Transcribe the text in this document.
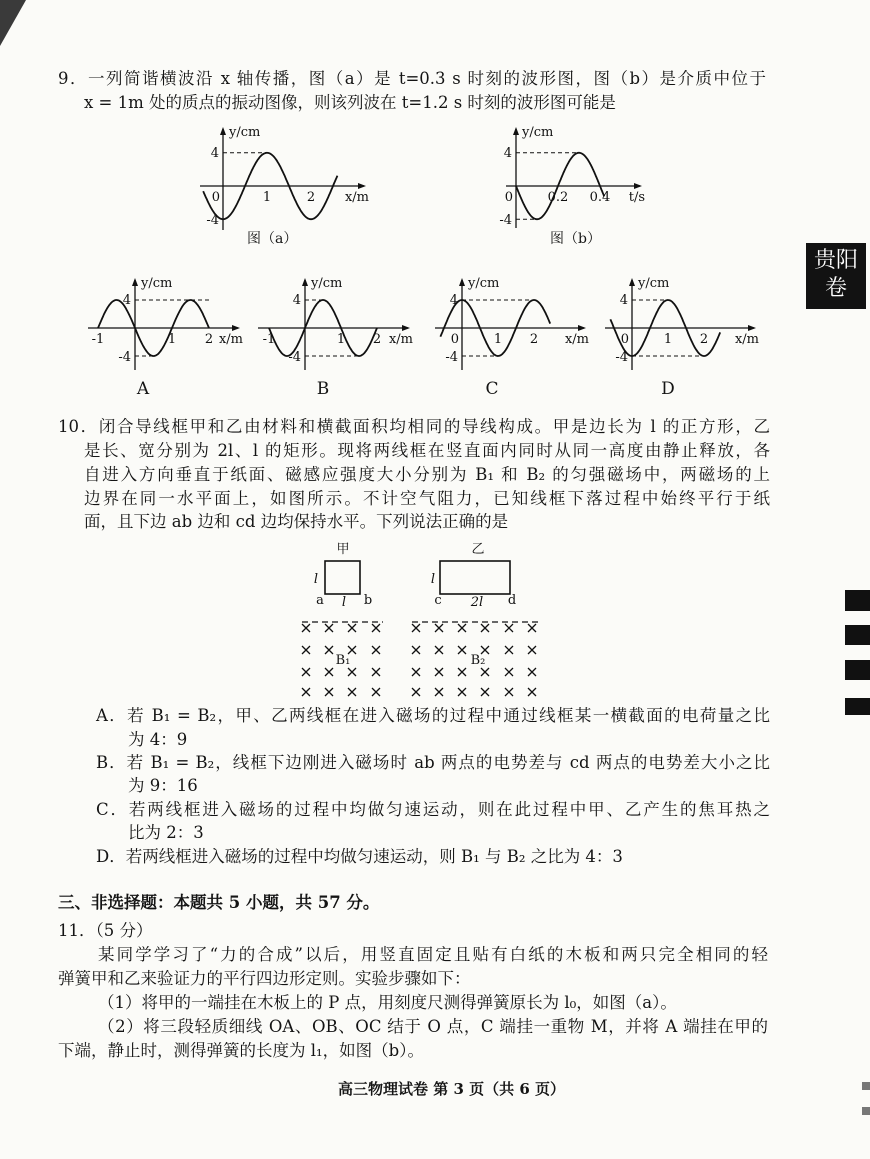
9．一列简谐横波沿 x 轴传播，图（a）是 t=0.3 s 时刻的波形图，图（b）是介质中位于
x = 1m 处的质点的振动图像，则该列波在 t=1.2 s 时刻的波形图可能是
图（a）	图（b）
A	B	C	D
10．闭合导线框甲和乙由材料和横截面积均相同的导线构成。甲是边长为 l 的正方形，乙
是长、宽分别为 2l、l 的矩形。现将两线框在竖直面内同时从同一高度由静止释放，各
自进入方向垂直于纸面、磁感应强度大小分别为 B₁ 和 B₂ 的匀强磁场中，两磁场的上
边界在同一水平面上，如图所示。不计空气阻力，已知线框下落过程中始终平行于纸
面，且下边 ab 边和 cd 边均保持水平。下列说法正确的是
A．若 B₁ = B₂，甲、乙两线框在进入磁场的过程中通过线框某一横截面的电荷量之比
为 4：9
B．若 B₁ = B₂，线框下边刚进入磁场时 ab 两点的电势差与 cd 两点的电势差大小之比
为 9：16
C．若两线框进入磁场的过程中均做匀速运动，则在此过程中甲、乙产生的焦耳热之
比为 2：3
D．若两线框进入磁场的过程中均做匀速运动，则 B₁ 与 B₂ 之比为 4：3
三、非选择题：本题共 5 小题，共 57 分。
11．（5 分）
某同学学习了“力的合成”以后，用竖直固定且贴有白纸的木板和两只完全相同的轻
弹簧甲和乙来验证力的平行四边形定则。实验步骤如下：
（1）将甲的一端挂在木板上的 P 点，用刻度尺测得弹簧原长为 l₀，如图（a）。
（2）将三段轻质细线 OA、OB、OC 结于 O 点，C 端挂一重物 M，并将 A 端挂在甲的
下端，静止时，测得弹簧的长度为 l₁，如图（b）。
高三物理试卷 第 3 页（共 6 页）
贵阳
卷
y/cm
x/m
4
-4
0	1	2
y/cm
t/s
4
-4
0	0.2 0.4
y/cm
x/m
4
-4
-1	1 2
y/cm
x/m
4
-4
-1	1 2
y/cm
x/m
4
-4
0	1 2
y/cm
x/m
4
-4
0	1 2
甲
l
a l b
乙
l
c 2l d
B₁	B₂
